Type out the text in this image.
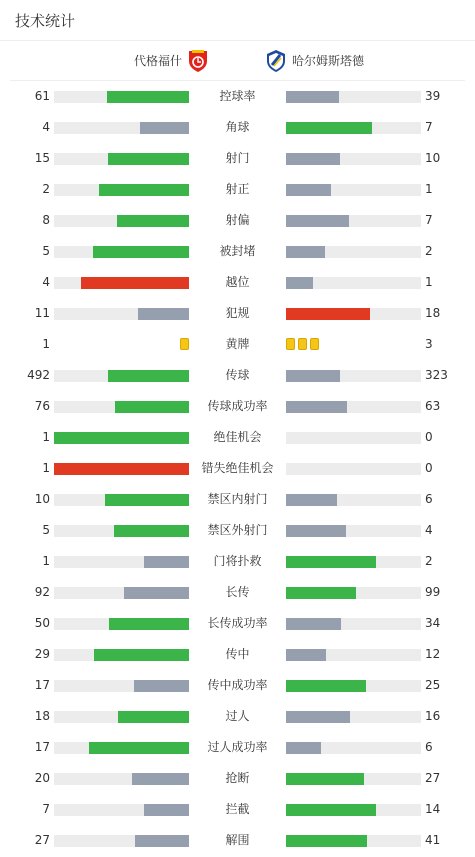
技术统计
代格福什	哈尔姆斯塔德
61	控球率	39
4	角球	7
15	射门	10
2	射正	1
8	射偏	7
5	被封堵	2
4	越位	1
11	犯规	18
1	黄牌	3
492	传球	323
76	传球成功率	63
1	绝佳机会	0
1	错失绝佳机会	0
10	禁区内射门	6
5	禁区外射门	4
1	门将扑救	2
92	长传	99
50	长传成功率	34
29	传中	12
17	传中成功率	25
18	过人	16
17	过人成功率	6
20	抢断	27
7	拦截	14
27	解围	41
